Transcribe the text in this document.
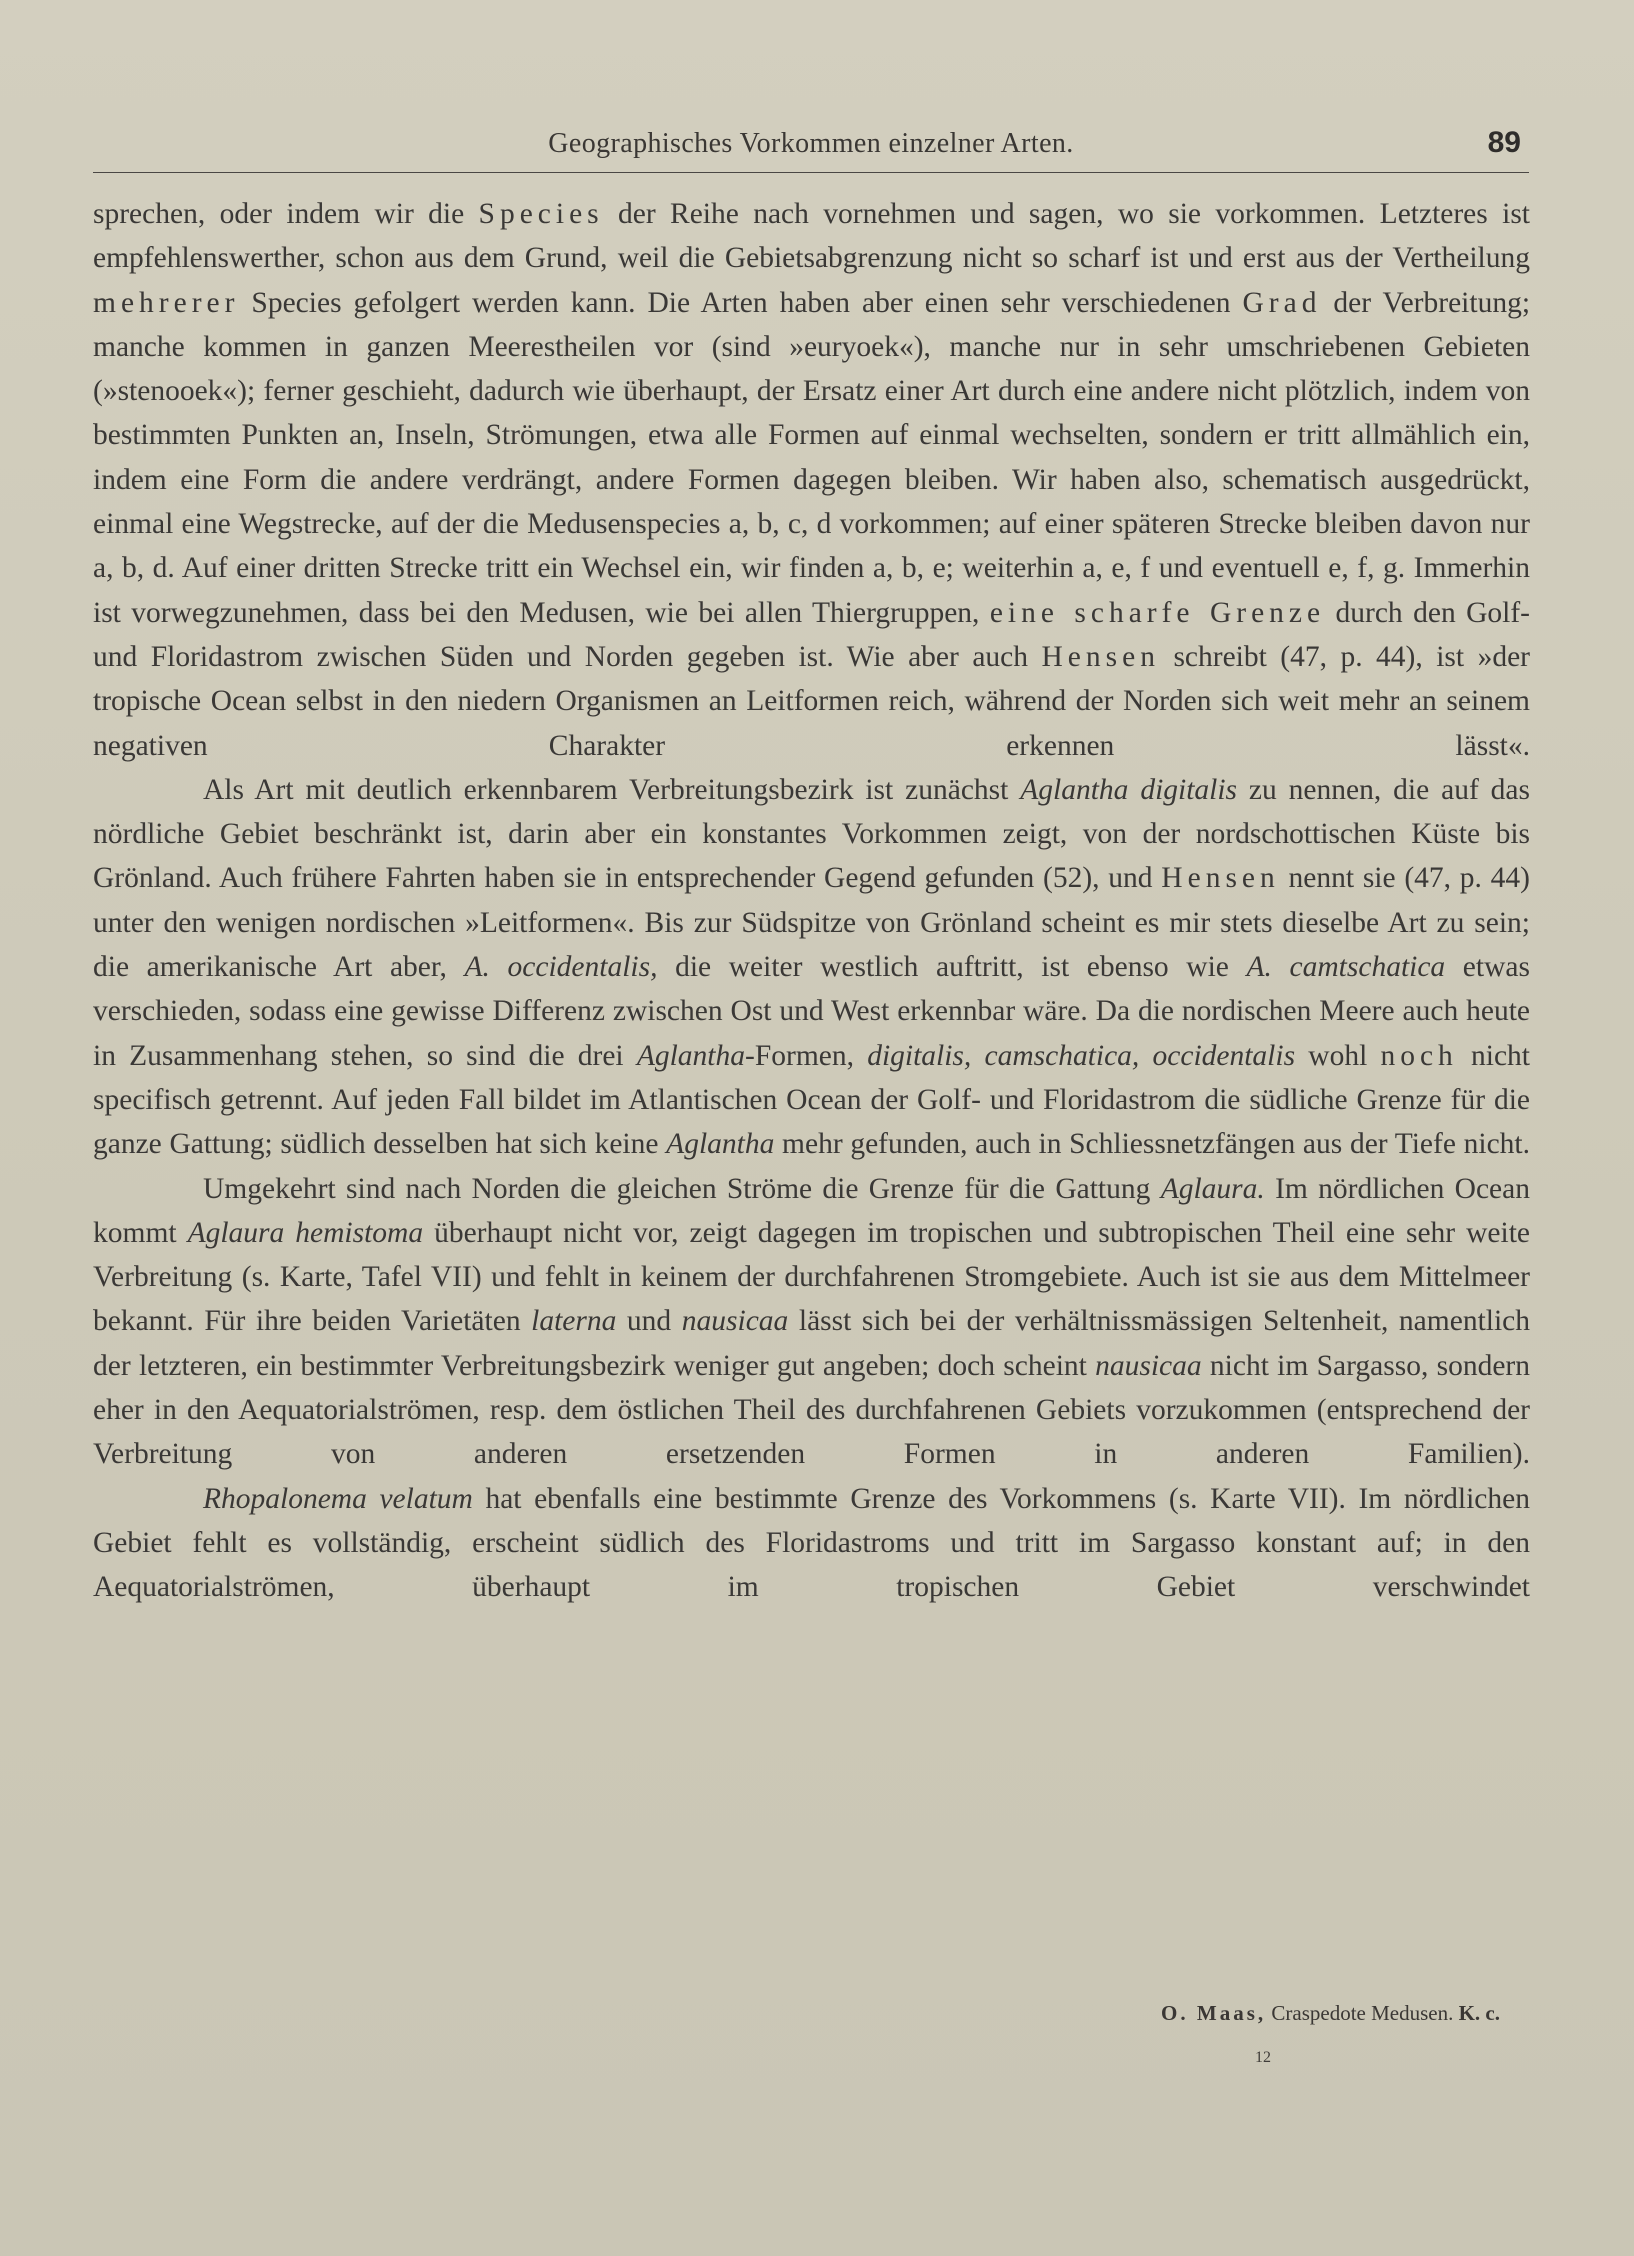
Geographisches Vorkommen einzelner Arten.	89

sprechen, oder indem wir die Species der Reihe nach vornehmen und sagen, wo sie vorkommen. Letzteres ist empfehlenswerther, schon aus dem Grund, weil die Gebietsabgrenzung nicht so scharf ist und erst aus der Vertheilung mehrerer Species gefolgert werden kann. Die Arten haben aber einen sehr verschiedenen Grad der Verbreitung; manche kommen in ganzen Meerestheilen vor (sind »euryoek«), manche nur in sehr umschriebenen Gebieten (»stenooek«); ferner geschieht, dadurch wie überhaupt, der Ersatz einer Art durch eine andere nicht plötzlich, indem von bestimmten Punkten an, Inseln, Strömungen, etwa alle Formen auf einmal wechselten, sondern er tritt allmählich ein, indem eine Form die andere verdrängt, andere Formen dagegen bleiben. Wir haben also, schematisch ausgedrückt, einmal eine Wegstrecke, auf der die Medusenspecies a, b, c, d vorkommen; auf einer späteren Strecke bleiben davon nur a, b, d. Auf einer dritten Strecke tritt ein Wechsel ein, wir finden a, b, e; weiterhin a, e, f und eventuell e, f, g. Immerhin ist vorwegzunehmen, dass bei den Medusen, wie bei allen Thiergruppen, eine scharfe Grenze durch den Golf- und Floridastrom zwischen Süden und Norden gegeben ist. Wie aber auch Hensen schreibt (47, p. 44), ist »der tropische Ocean selbst in den niedern Organismen an Leitformen reich, während der Norden sich weit mehr an seinem negativen Charakter erkennen lässt«.

Als Art mit deutlich erkennbarem Verbreitungsbezirk ist zunächst Aglantha digitalis zu nennen, die auf das nördliche Gebiet beschränkt ist, darin aber ein konstantes Vorkommen zeigt, von der nordschottischen Küste bis Grönland. Auch frühere Fahrten haben sie in entsprechender Gegend gefunden (52), und Hensen nennt sie (47, p. 44) unter den wenigen nordischen »Leitformen«. Bis zur Südspitze von Grönland scheint es mir stets dieselbe Art zu sein; die amerikanische Art aber, A. occidentalis, die weiter westlich auftritt, ist ebenso wie A. camtschatica etwas verschieden, sodass eine gewisse Differenz zwischen Ost und West erkennbar wäre. Da die nordischen Meere auch heute in Zusammenhang stehen, so sind die drei Aglantha-Formen, digitalis, camschatica, occidentalis wohl noch nicht specifisch getrennt. Auf jeden Fall bildet im Atlantischen Ocean der Golf- und Floridastrom die südliche Grenze für die ganze Gattung; südlich desselben hat sich keine Aglantha mehr gefunden, auch in Schliessnetzfängen aus der Tiefe nicht.

Umgekehrt sind nach Norden die gleichen Ströme die Grenze für die Gattung Aglaura. Im nördlichen Ocean kommt Aglaura hemistoma überhaupt nicht vor, zeigt dagegen im tropischen und subtropischen Theil eine sehr weite Verbreitung (s. Karte, Tafel VII) und fehlt in keinem der durchfahrenen Stromgebiete. Auch ist sie aus dem Mittelmeer bekannt. Für ihre beiden Varietäten laterna und nausicaa lässt sich bei der verhältnissmässigen Seltenheit, namentlich der letzteren, ein bestimmter Verbreitungsbezirk weniger gut angeben; doch scheint nausicaa nicht im Sargasso, sondern eher in den Aequatorialströmen, resp. dem östlichen Theil des durchfahrenen Gebiets vorzukommen (entsprechend der Verbreitung von anderen ersetzenden Formen in anderen Familien).

Rhopalonema velatum hat ebenfalls eine bestimmte Grenze des Vorkommens (s. Karte VII). Im nördlichen Gebiet fehlt es vollständig, erscheint südlich des Floridastroms und tritt im Sargasso konstant auf; in den Aequatorialströmen, überhaupt im tropischen Gebiet verschwindet

O. Maas, Craspedote Medusen. K. c.
12
